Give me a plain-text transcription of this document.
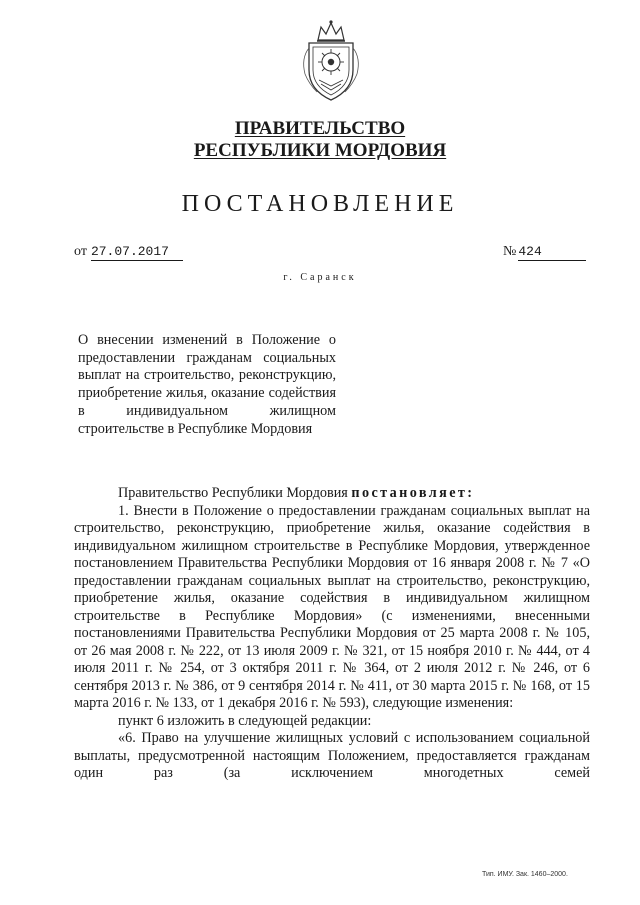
ПРАВИТЕЛЬСТВО
РЕСПУБЛИКИ МОРДОВИЯ
ПОСТАНОВЛЕНИЕ
от 27.07.2017	№ 424
г. Саранск
О внесении изменений в Положение о предоставлении гражданам социальных выплат на строительство, реконструкцию, приобретение жилья, оказание содействия в индивидуальном жилищном строительстве в Республике Мордовия

Правительство Республики Мордовия постановляет:

1. Внести в Положение о предоставлении гражданам социальных выплат на строительство, реконструкцию, приобретение жилья, оказание содействия в индивидуальном жилищном строительстве в Республике Мордовия, утвержденное постановлением Правительства Республики Мордовия от 16 января 2008 г. № 7 «О предоставлении гражданам социальных выплат на строительство, реконструкцию, приобретение жилья, оказание содействия в индивидуальном жилищном строительстве в Республике Мордовия» (с изменениями, внесенными постановлениями Правительства Республики Мордовия от 25 марта 2008 г. № 105, от 26 мая 2008 г. № 222, от 13 июля 2009 г. № 321, от 15 ноября 2010 г. № 444, от 4 июля 2011 г. № 254, от 3 октября 2011 г. № 364, от 2 июля 2012 г. № 246, от 6 сентября 2013 г. № 386, от 9 сентября 2014 г. № 411, от 30 марта 2015 г. № 168, от 15 марта 2016 г. № 133, от 1 декабря 2016 г. № 593), следующие изменения:

пункт 6 изложить в следующей редакции:

«6. Право на улучшение жилищных условий с использованием социальной выплаты, предусмотренной настоящим Положением, предоставляется гражданам один раз (за исключением многодетных семей

Тип. ИМУ. Зак. 1460–2000.
